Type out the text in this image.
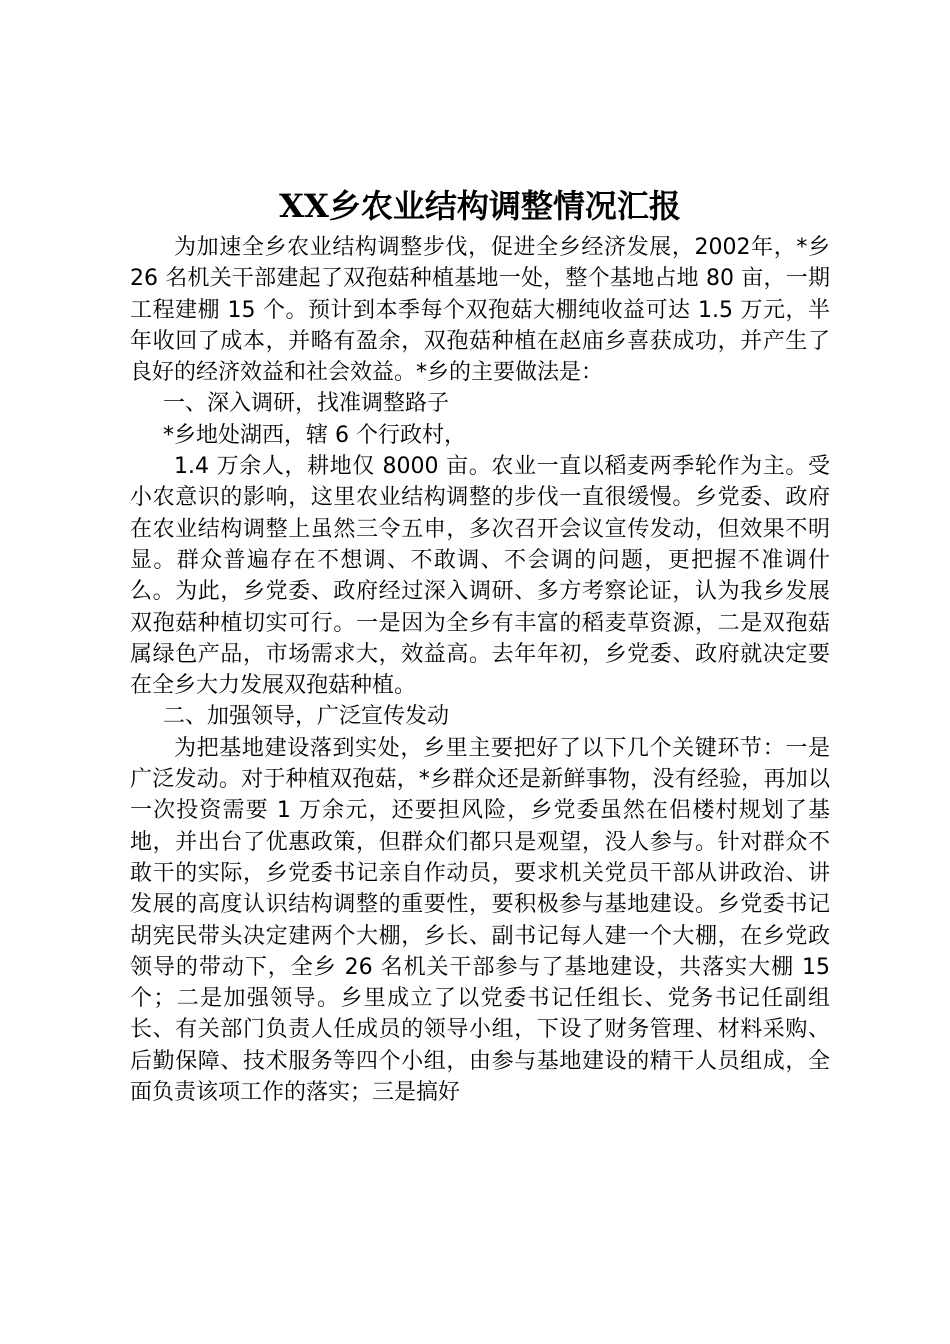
XX乡农业结构调整情况汇报

为加速全乡农业结构调整步伐，促进全乡经济发展，2002年，*乡 26 名机关干部建起了双孢菇种植基地一处，整个基地占地 80 亩，一期工程建棚 15 个。预计到本季每个双孢菇大棚纯收益可达 1.5 万元，半年收回了成本，并略有盈余，双孢菇种植在赵庙乡喜获成功，并产生了良好的经济效益和社会效益。*乡的主要做法是：

一、深入调研，找准调整路子

*乡地处湖西，辖 6 个行政村，

1.4 万余人，耕地仅 8000 亩。农业一直以稻麦两季轮作为主。受小农意识的影响，这里农业结构调整的步伐一直很缓慢。乡党委、政府在农业结构调整上虽然三令五申，多次召开会议宣传发动，但效果不明显。群众普遍存在不想调、不敢调、不会调的问题，更把握不准调什么。为此，乡党委、政府经过深入调研、多方考察论证，认为我乡发展双孢菇种植切实可行。一是因为全乡有丰富的稻麦草资源，二是双孢菇属绿色产品，市场需求大，效益高。去年年初，乡党委、政府就决定要在全乡大力发展双孢菇种植。

二、加强领导，广泛宣传发动

为把基地建设落到实处，乡里主要把好了以下几个关键环节：一是广泛发动。对于种植双孢菇，*乡群众还是新鲜事物，没有经验，再加以一次投资需要 1 万余元，还要担风险，乡党委虽然在侣楼村规划了基地，并出台了优惠政策，但群众们都只是观望，没人参与。针对群众不敢干的实际，乡党委书记亲自作动员，要求机关党员干部从讲政治、讲发展的高度认识结构调整的重要性，要积极参与基地建设。乡党委书记胡宪民带头决定建两个大棚，乡长、副书记每人建一个大棚，在乡党政领导的带动下，全乡 26 名机关干部参与了基地建设，共落实大棚 15 个；二是加强领导。乡里成立了以党委书记任组长、党务书记任副组长、有关部门负责人任成员的领导小组，下设了财务管理、材料采购、后勤保障、技术服务等四个小组，由参与基地建设的精干人员组成，全面负责该项工作的落实；三是搞好
